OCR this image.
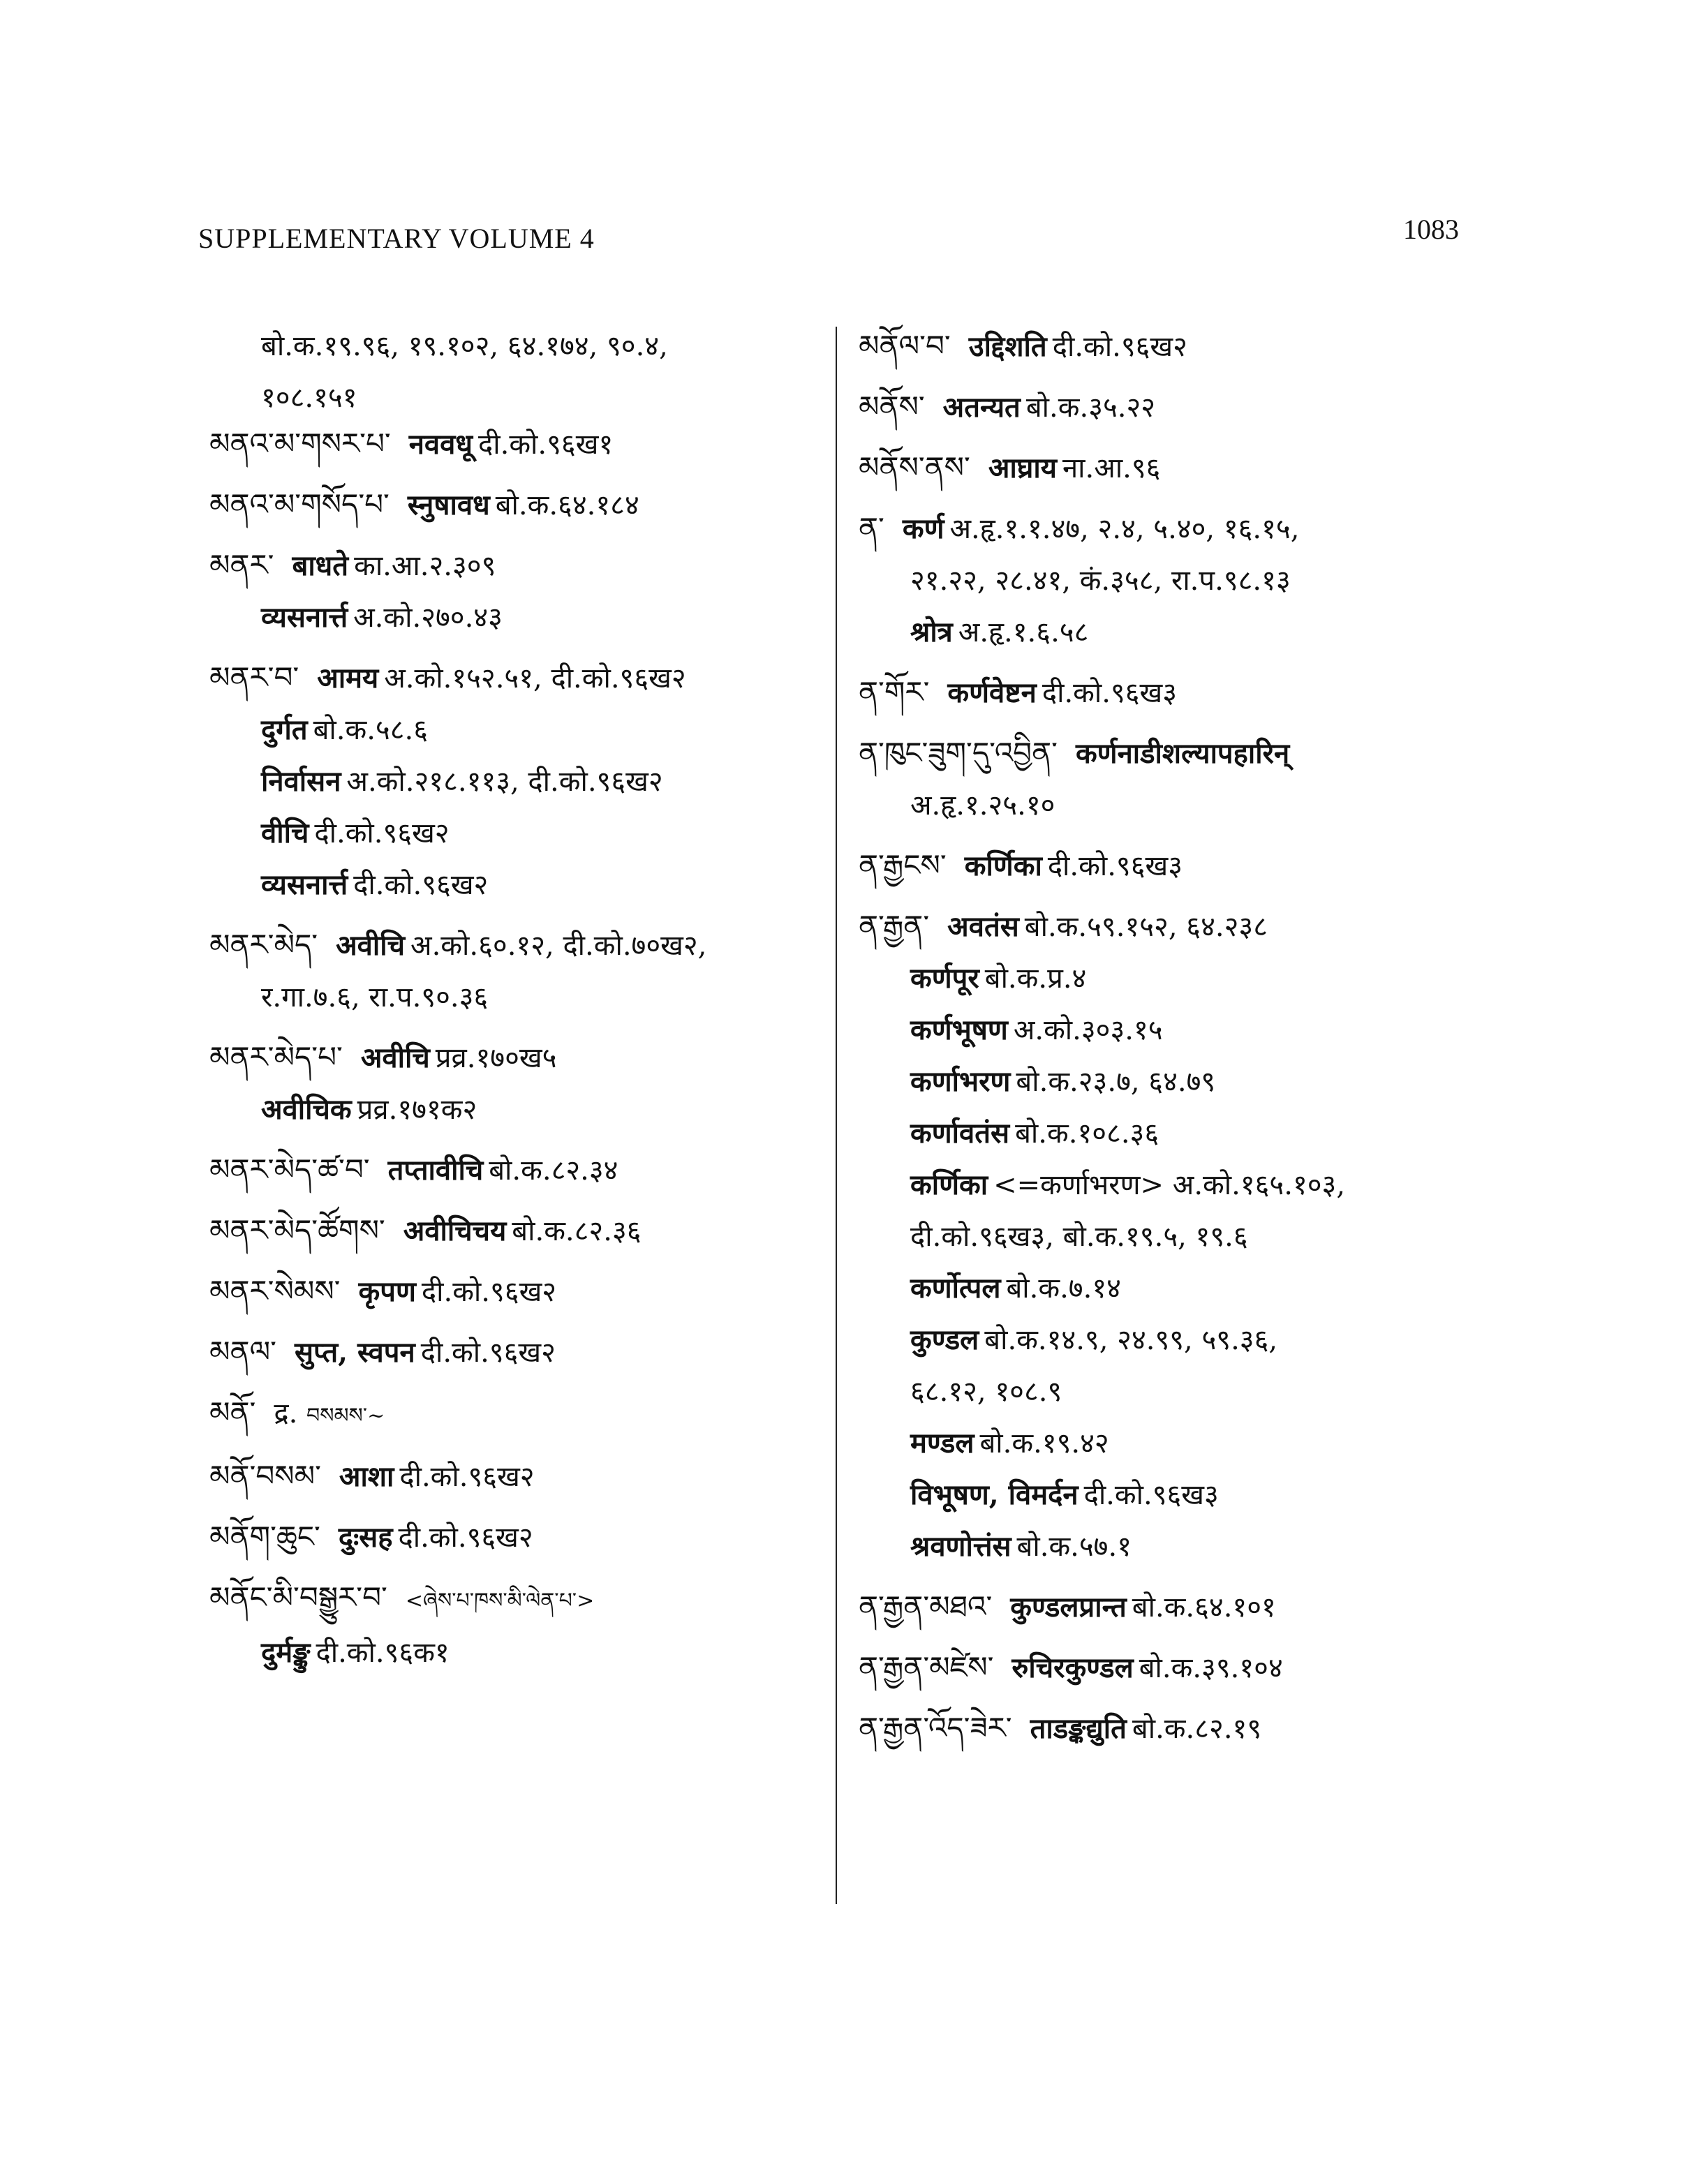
SUPPLEMENTARY VOLUME 4	1083
बो.क.१९.९६, १९.१०२, ६४.१७४, ९०.४,
१०८.१५१
མནའ་མ་གསར་པ་ नववधू दी.को.९६ख१
མནའ་མ་གསོད་པ་ स्नुषावध बो.क.६४.१८४
མནར་ बाधते का.आ.२.३०९
व्यसनार्त्त अ.को.२७०.४३
མནར་བ་ आमय अ.को.१५२.५१, दी.को.९६ख२
दुर्गत बो.क.५८.६
निर्वासन अ.को.२१८.११३, दी.को.९६ख२
वीचि दी.को.९६ख२
व्यसनार्त्त दी.को.९६ख२
མནར་མེད་ अवीचि अ.को.६०.१२, दी.को.७०ख२,
र.गा.७.६, रा.प.९०.३६
མནར་མེད་པ་ अवीचि प्रव्र.१७०ख५
अवीचिक प्रव्र.१७१क२
མནར་མེད་ཚ་བ་ तप्तावीचि बो.क.८२.३४
མནར་མེད་ཚོགས་ अवीचिचय बो.क.८२.३६
མནར་སེམས་ कृपण दी.को.९६ख२
མནལ་ सुप्त, स्वपन दी.को.९६ख२
མནོ་ द्र. བསམས་~
མནོ་བསམ་ आशा दी.को.९६ख२
མནོག་ཆུང་ दुःसह दी.को.९६ख२
མནོང་མི་བསྒྱུར་བ་ <ཞེས་པ་ཁས་མི་ལེན་པ་>
दुर्मङ्कु दी.को.९६क१
མནོལ་བ་ उद्दिशति दी.को.९६ख२
མནོས་ अतन्यत बो.क.३५.२२
མནོས་ནས་ आघ्राय ना.आ.९६
ན་ कर्ण अ.हृ.१.१.४७, २.४, ५.४०, १६.१५,
२१.२२, २८.४१, कं.३५८, रा.प.९८.१३
श्रोत्र अ.हृ.१.६.५८
ན་གོར་ कर्णवेष्टन दी.को.९६ख३
ན་ཁུང་ཟུག་དུ་འབྱིན་ कर्णनाडीशल्यापहारिन्
अ.हृ.१.२५.१०
ན་རྒྱངས་ कर्णिका दी.को.९६ख३
ན་རྒྱན་ अवतंस बो.क.५९.१५२, ६४.२३८
कर्णपूर बो.क.प्र.४
कर्णभूषण अ.को.३०३.१५
कर्णाभरण बो.क.२३.७, ६४.७९
कर्णावतंस बो.क.१०८.३६
कर्णिका <=कर्णाभरण> अ.को.१६५.१०३,
दी.को.९६ख३, बो.क.१९.५, १९.६
कर्णोत्पल बो.क.७.१४
कुण्डल बो.क.१४.९, २४.९९, ५९.३६,
६८.१२, १०८.९
मण्डल बो.क.१९.४२
विभूषण, विमर्दन दी.को.९६ख३
श्रवणोत्तंस बो.क.५७.१
ན་རྒྱན་མཐའ་ कुण्डलप्रान्त बो.क.६४.१०१
ན་རྒྱན་མཛེས་ रुचिरकुण्डल बो.क.३९.१०४
ན་རྒྱན་འོད་ཟེར་ ताडङ्कद्युति बो.क.८२.१९
